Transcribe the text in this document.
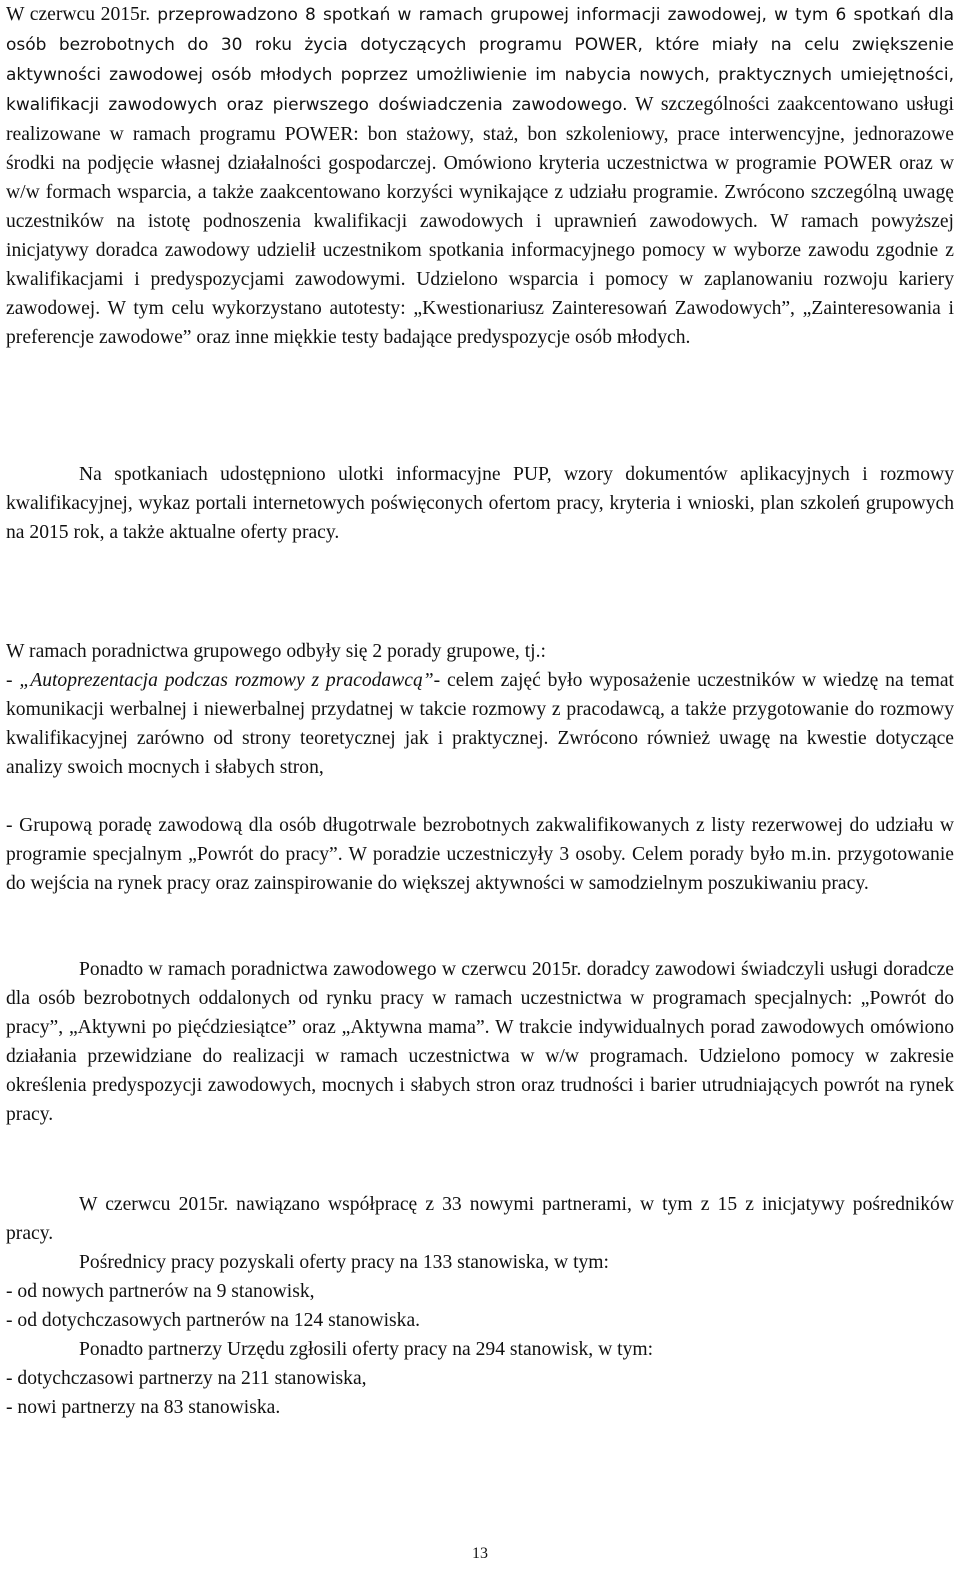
W czerwcu 2015r. przeprowadzono 8 spotkań w ramach grupowej informacji zawodowej, w tym 6 spotkań dla osób bezrobotnych do 30 roku życia dotyczących programu POWER, które miały na celu zwiększenie aktywności zawodowej osób młodych poprzez umożliwienie im nabycia nowych, praktycznych umiejętności, kwalifikacji zawodowych oraz pierwszego doświadczenia zawodowego. W szczególności zaakcentowano usługi realizowane w ramach programu POWER: bon stażowy, staż, bon szkoleniowy, prace interwencyjne, jednorazowe środki na podjęcie własnej działalności gospodarczej. Omówiono kryteria uczestnictwa w programie POWER oraz w w/w formach wsparcia, a także zaakcentowano korzyści wynikające z udziału programie. Zwrócono szczególną uwagę uczestników na istotę podnoszenia kwalifikacji zawodowych i uprawnień zawodowych. W ramach powyższej inicjatywy doradca zawodowy udzielił uczestnikom spotkania informacyjnego pomocy w wyborze zawodu zgodnie z kwalifikacjami i predyspozycjami zawodowymi. Udzielono wsparcia i pomocy w zaplanowaniu rozwoju kariery zawodowej. W tym celu wykorzystano autotesty: „Kwestionariusz Zainteresowań Zawodowych”, „Zainteresowania i preferencje zawodowe” oraz inne miękkie testy badające predyspozycje osób młodych.

Na spotkaniach udostępniono ulotki informacyjne PUP, wzory dokumentów aplikacyjnych i rozmowy kwalifikacyjnej, wykaz portali internetowych poświęconych ofertom pracy, kryteria i wnioski, plan szkoleń grupowych na 2015 rok, a także aktualne oferty pracy.

W ramach poradnictwa grupowego odbyły się 2 porady grupowe, tj.:

- „Autoprezentacja podczas rozmowy z pracodawcą”- celem zajęć było wyposażenie uczestników w wiedzę na temat komunikacji werbalnej i niewerbalnej przydatnej w takcie rozmowy z pracodawcą, a także przygotowanie do rozmowy kwalifikacyjnej zarówno od strony teoretycznej jak i praktycznej. Zwrócono również uwagę na kwestie dotyczące analizy swoich mocnych i słabych stron,

- Grupową poradę zawodową dla osób długotrwale bezrobotnych zakwalifikowanych z listy rezerwowej do udziału w programie specjalnym „Powrót do pracy”. W poradzie uczestniczyły 3 osoby. Celem porady było m.in. przygotowanie do wejścia na rynek pracy oraz zainspirowanie do większej aktywności w samodzielnym poszukiwaniu pracy.

Ponadto w ramach poradnictwa zawodowego w czerwcu 2015r. doradcy zawodowi świadczyli usługi doradcze dla osób bezrobotnych oddalonych od rynku pracy w ramach uczestnictwa w programach specjalnych: „Powrót do pracy”, „Aktywni po pięćdziesiątce” oraz „Aktywna mama”. W trakcie indywidualnych porad zawodowych omówiono działania przewidziane do realizacji w ramach uczestnictwa w w/w programach. Udzielono pomocy w zakresie określenia predyspozycji zawodowych, mocnych i słabych stron oraz trudności i barier utrudniających powrót na rynek pracy.

W czerwcu 2015r. nawiązano współpracę z 33 nowymi partnerami, w tym z 15 z inicjatywy pośredników pracy.

Pośrednicy pracy pozyskali oferty pracy na 133 stanowiska, w tym:

- od nowych partnerów na 9 stanowisk,

- od dotychczasowych partnerów na 124 stanowiska.

Ponadto partnerzy Urzędu zgłosili oferty pracy na 294 stanowisk, w tym:

- dotychczasowi partnerzy na 211 stanowiska,

- nowi partnerzy na 83 stanowiska.

13
